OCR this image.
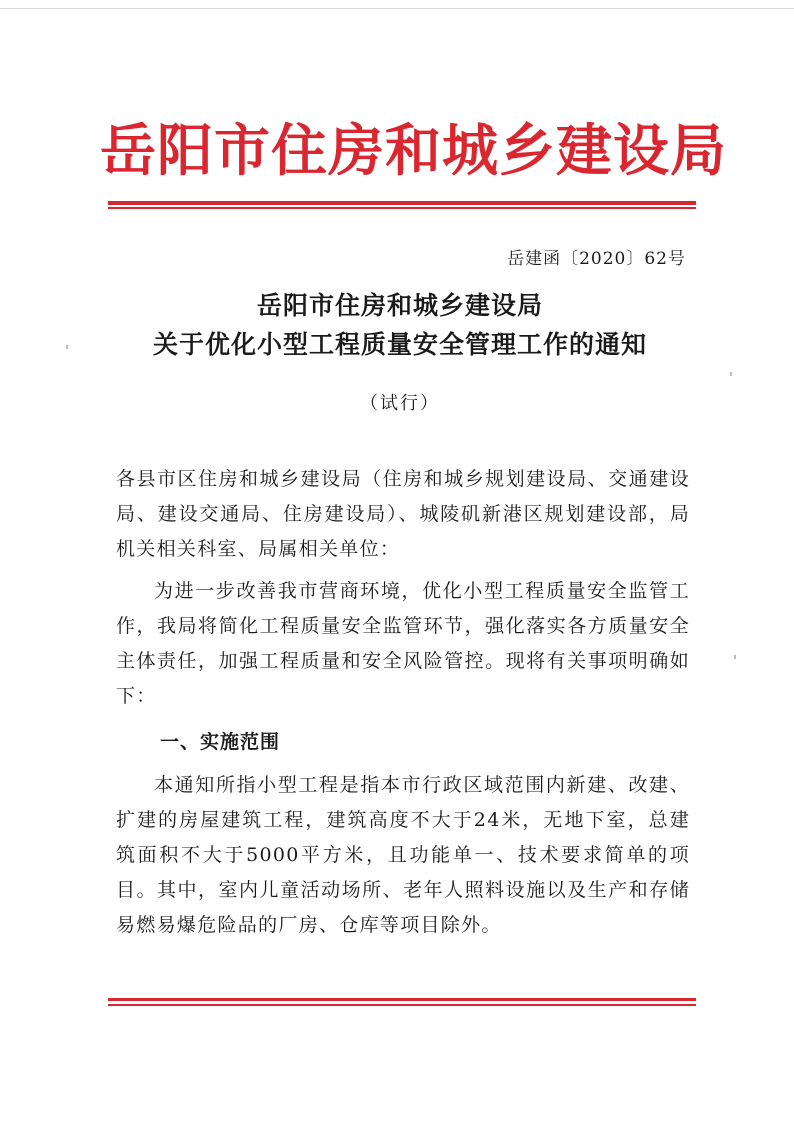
岳阳市住房和城乡建设局
岳建函〔2020〕62号
岳阳市住房和城乡建设局
关于优化小型工程质量安全管理工作的通知
（试行）

各县市区住房和城乡建设局（住房和城乡规划建设局、交通建设局、建设交通局、住房建设局）、城陵矶新港区规划建设部，局机关相关科室、局属相关单位：

为进一步改善我市营商环境，优化小型工程质量安全监管工作，我局将简化工程质量安全监管环节，强化落实各方质量安全主体责任，加强工程质量和安全风险管控。现将有关事项明确如下：

一、实施范围

本通知所指小型工程是指本市行政区域范围内新建、改建、扩建的房屋建筑工程，建筑高度不大于24米，无地下室，总建筑面积不大于5000平方米，且功能单一、技术要求简单的项目。其中，室内儿童活动场所、老年人照料设施以及生产和存储易燃易爆危险品的厂房、仓库等项目除外。
